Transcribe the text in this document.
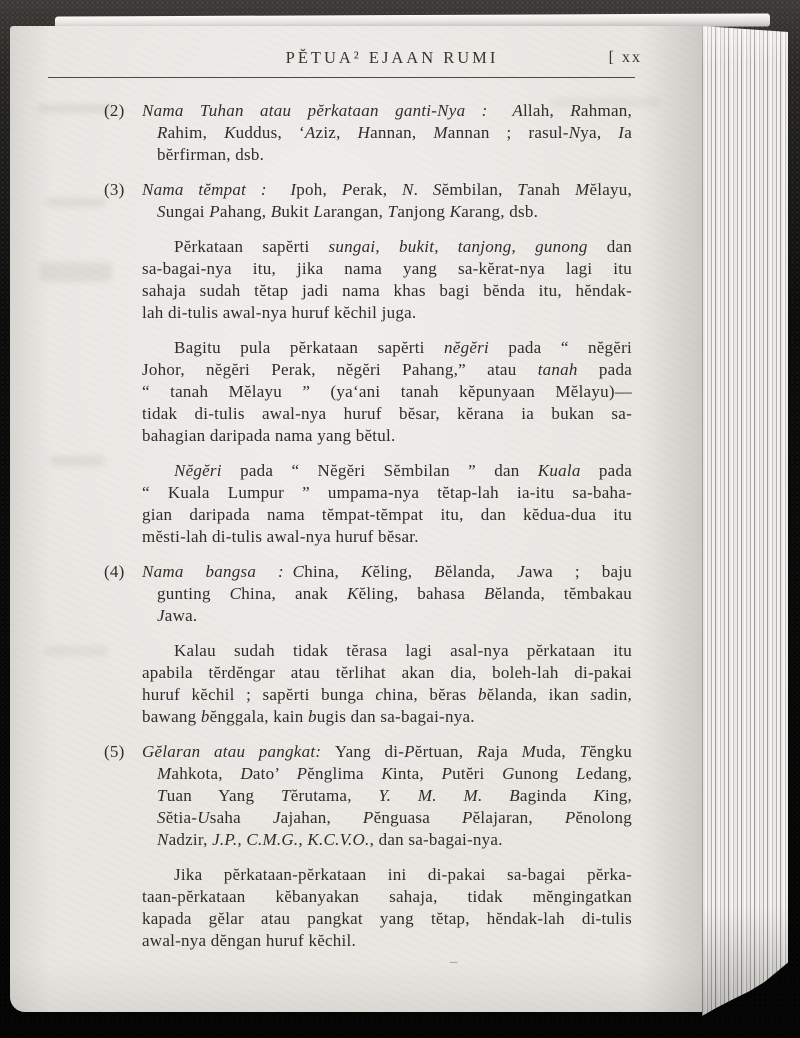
PĔTUA² EJAAN RUMI	[ xx
(2) Nama Tuhan atau pĕrkataan ganti-Nya :  Allah, Rahman,
Rahim, Kuddus, ‘Aziz, Hannan, Mannan ; rasul-Nya, Ia
bĕrfirman, dsb.
(3) Nama tĕmpat :  Ipoh, Perak, N. Sĕmbilan, Tanah Mĕlayu,
Sungai Pahang, Bukit Larangan, Tanjong Karang, dsb.
Pĕrkataan sapĕrti sungai, bukit, tanjong, gunong dan
sa-bagai-nya itu, jika nama yang sa-kĕrat-nya lagi itu
sahaja sudah tĕtap jadi nama khas bagi bĕnda itu, hĕndak-
lah di-tulis awal-nya huruf kĕchil juga.
Bagitu pula pĕrkataan sapĕrti nĕgĕri pada “ nĕgĕri
Johor, nĕgĕri Perak, nĕgĕri Pahang,” atau tanah pada
“ tanah Mĕlayu ” (ya‘ani tanah kĕpunyaan Mĕlayu)—
tidak di-tulis awal-nya huruf bĕsar, kĕrana ia bukan sa-
bahagian daripada nama yang bĕtul.
Nĕgĕri pada “ Nĕgĕri Sĕmbilan ” dan Kuala pada
“ Kuala Lumpur ” umpama-nya tĕtap-lah ia-itu sa-baha-
gian daripada nama tĕmpat-tĕmpat itu, dan kĕdua-dua itu
mĕsti-lah di-tulis awal-nya huruf bĕsar.
(4) Nama bangsa : China, Kĕling, Bĕlanda, Jawa ; baju
gunting China, anak Kĕling, bahasa Bĕlanda, tĕmbakau
Jawa.
Kalau sudah tidak tĕrasa lagi asal-nya pĕrkataan itu
apabila tĕrdĕngar atau tĕrlihat akan dia, boleh-lah di-pakai
huruf kĕchil ; sapĕrti bunga china, bĕras bĕlanda, ikan sadin,
bawang bĕnggala, kain bugis dan sa-bagai-nya.
(5) Gĕlaran atau pangkat: Yang di-Pĕrtuan, Raja Muda, Tĕngku
Mahkota, Dato’ Pĕnglima Kinta, Putĕri Gunong Ledang,
Tuan Yang Tĕrutama, Y. M. M. Baginda King,
Sĕtia-Usaha Jajahan, Pĕnguasa Pĕlajaran, Pĕnolong
Nadzir, J.P., C.M.G., K.C.V.O., dan sa-bagai-nya.
Jika pĕrkataan-pĕrkataan ini di-pakai sa-bagai pĕrka-
taan-pĕrkataan kĕbanyakan sahaja, tidak mĕngingatkan
kapada gĕlar atau pangkat yang tĕtap, hĕndak-lah di-tulis
awal-nya dĕngan huruf kĕchil.
–
